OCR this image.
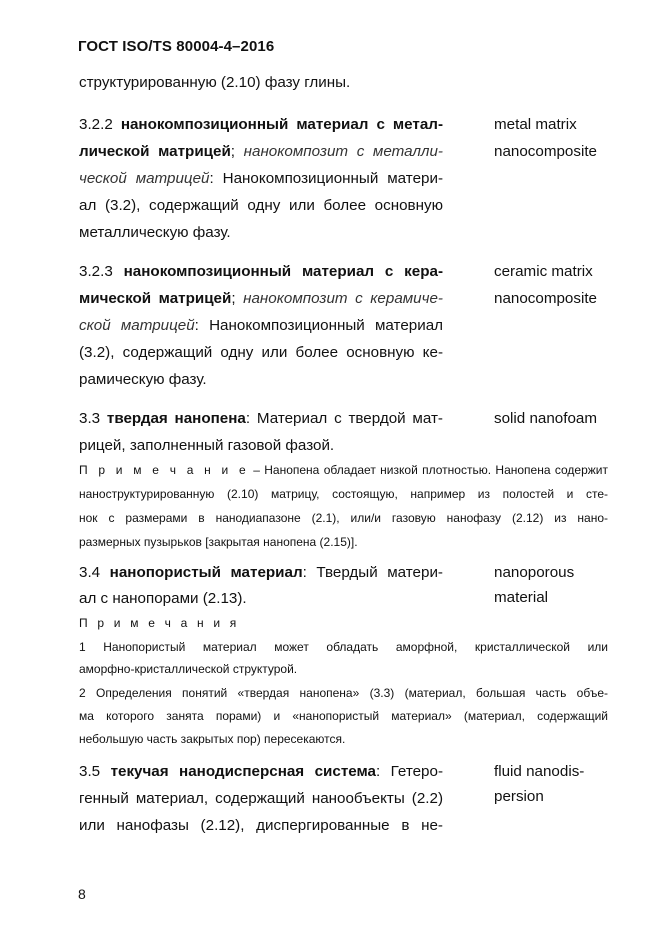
ГОСТ ISO/TS 80004-4–2016
структурированную (2.10) фазу глины.
3.2.2 нанокомпозиционный материал с метал-
лической матрицей; нанокомпозит с металли-
ческой матрицей: Нанокомпозиционный матери-
ал (3.2), содержащий одну или более основную
металлическую фазу.
metal matrix
nanocomposite
3.2.3 нанокомпозиционный материал с кера-
мической матрицей; нанокомпозит с керамиче-
ской матрицей: Нанокомпозиционный материал
(3.2), содержащий одну или более основную ке-
рамическую фазу.
ceramic matrix
nanocomposite
3.3 твердая нанопена: Материал с твердой мат-
рицей, заполненный газовой фазой.
solid nanofoam
П р и м е ч а н и е – Нанопена обладает низкой плотностью. Нанопена содержит
наноструктурированную (2.10) матрицу, состоящую, например из полостей и сте-
нок с размерами в нанодиапазоне (2.1), или/и газовую нанофазу (2.12) из нано-
размерных пузырьков [закрытая нанопена (2.15)].
3.4 нанопористый материал: Твердый матери-
ал с нанопорами (2.13).
nanoporous
material
П р и м е ч а н и я
1 Нанопористый материал может обладать аморфной, кристаллической или
аморфно-кристаллической структурой.
2 Определения понятий «твердая нанопена» (3.3) (материал, большая часть объе-
ма которого занята порами) и «нанопористый материал» (материал, содержащий
небольшую часть закрытых пор) пересекаются.
3.5 текучая нанодисперсная система: Гетеро-
генный материал, содержащий нанообъекты (2.2)
или нанофазы (2.12), диспергированные в не-
fluid nanodis-
persion
8
